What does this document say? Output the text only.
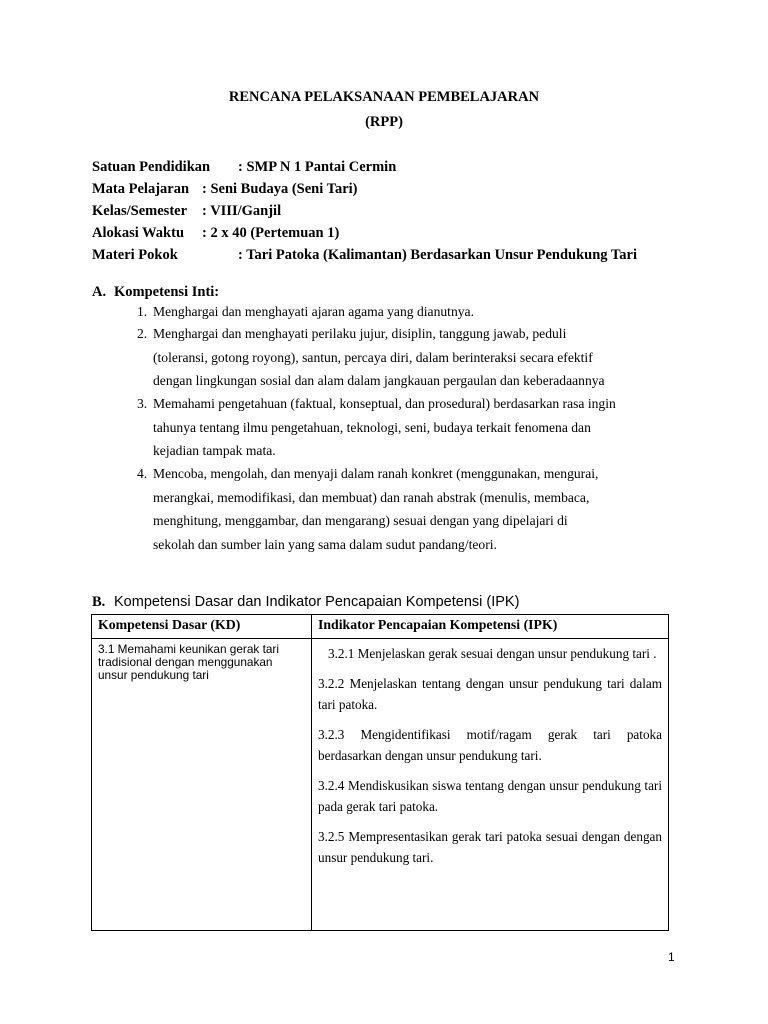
RENCANA PELAKSANAAN PEMBELAJARAN
(RPP)
Satuan Pendidikan : SMP N 1 Pantai Cermin
Mata Pelajaran : Seni Budaya (Seni Tari)
Kelas/Semester : VIII/Ganjil
Alokasi Waktu : 2 x 40 (Pertemuan 1)
Materi Pokok	: Tari Patoka (Kalimantan) Berdasarkan Unsur Pendukung Tari
A. Kompetensi Inti:
1. Menghargai dan menghayati ajaran agama yang dianutnya.
2. Menghargai dan menghayati perilaku jujur, disiplin, tanggung jawab, peduli
(toleransi, gotong royong), santun, percaya diri, dalam berinteraksi secara efektif
dengan lingkungan sosial dan alam dalam jangkauan pergaulan dan keberadaannya
3. Memahami pengetahuan (faktual, konseptual, dan prosedural) berdasarkan rasa ingin
tahunya tentang ilmu pengetahuan, teknologi, seni, budaya terkait fenomena dan
kejadian tampak mata.
4. Mencoba, mengolah, dan menyaji dalam ranah konkret (menggunakan, mengurai,
merangkai, memodifikasi, dan membuat) dan ranah abstrak (menulis, membaca,
menghitung, menggambar, dan mengarang) sesuai dengan yang dipelajari di
sekolah dan sumber lain yang sama dalam sudut pandang/teori.
B. Kompetensi Dasar dan Indikator Pencapaian Kompetensi (IPK)
Kompetensi Dasar (KD)	Indikator Pencapaian Kompetensi (IPK)

3.1 Memahami keunikan gerak tari tradisional dengan menggunakan unsur pendukung tari	3.2.1 Menjelaskan gerak sesuai dengan unsur pendukung tari .

3.2.2 Menjelaskan tentang dengan unsur pendukung tari dalam tari patoka.

3.2.3 Mengidentifikasi motif/ragam gerak tari patoka berdasarkan dengan unsur pendukung tari.

3.2.4 Mendiskusikan siswa tentang dengan unsur pendukung tari pada gerak tari patoka.

3.2.5 Mempresentasikan gerak tari patoka sesuai dengan dengan unsur pendukung tari.

1
